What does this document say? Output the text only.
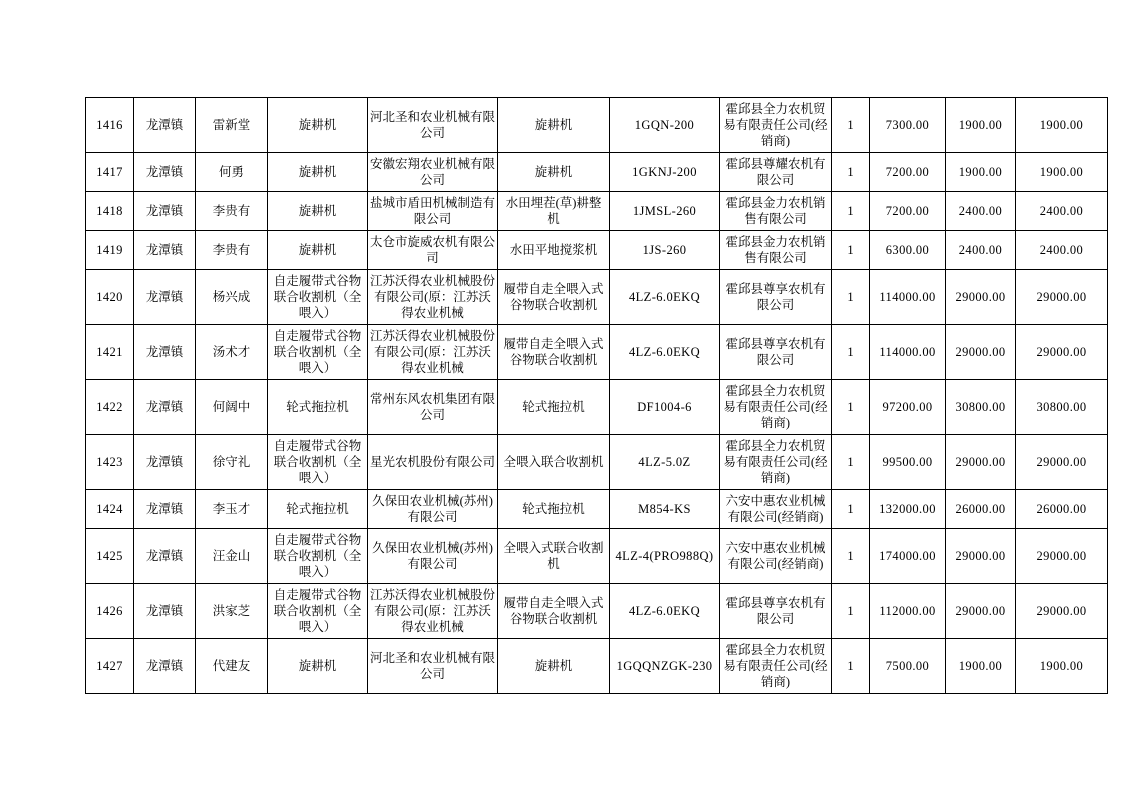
1416	龙潭镇	雷新堂	旋耕机	河北圣和农业机械有限公司	旋耕机	1GQN-200	霍邱县全力农机贸易有限责任公司(经销商)	1	7300.00	1900.00	1900.00
1417	龙潭镇	何勇	旋耕机	安徽宏翔农业机械有限公司	旋耕机	1GKNJ-200	霍邱县尊耀农机有限公司	1	7200.00	1900.00	1900.00
1418	龙潭镇	李贵有	旋耕机	盐城市盾田机械制造有限公司	水田埋茬(草)耕整机	1JMSL-260	霍邱县金力农机销售有限公司	1	7200.00	2400.00	2400.00
1419	龙潭镇	李贵有	旋耕机	太仓市旋威农机有限公司	水田平地搅浆机	1JS-260	霍邱县金力农机销售有限公司	1	6300.00	2400.00	2400.00
1420	龙潭镇	杨兴成	自走履带式谷物联合收割机（全喂入）	江苏沃得农业机械股份有限公司(原：江苏沃得农业机械	履带自走全喂入式谷物联合收割机	4LZ-6.0EKQ	霍邱县尊享农机有限公司	1	114000.00	29000.00	29000.00
1421	龙潭镇	汤术才	自走履带式谷物联合收割机（全喂入）	江苏沃得农业机械股份有限公司(原：江苏沃得农业机械	履带自走全喂入式谷物联合收割机	4LZ-6.0EKQ	霍邱县尊享农机有限公司	1	114000.00	29000.00	29000.00
1422	龙潭镇	何阔中	轮式拖拉机	常州东风农机集团有限公司	轮式拖拉机	DF1004-6	霍邱县全力农机贸易有限责任公司(经销商)	1	97200.00	30800.00	30800.00
1423	龙潭镇	徐守礼	自走履带式谷物联合收割机（全喂入）	星光农机股份有限公司	全喂入联合收割机	4LZ-5.0Z	霍邱县全力农机贸易有限责任公司(经销商)	1	99500.00	29000.00	29000.00
1424	龙潭镇	李玉才	轮式拖拉机	久保田农业机械(苏州)有限公司	轮式拖拉机	M854-KS	六安中惠农业机械有限公司(经销商)	1	132000.00	26000.00	26000.00
1425	龙潭镇	汪金山	自走履带式谷物联合收割机（全喂入）	久保田农业机械(苏州)有限公司	全喂入式联合收割机	4LZ-4(PRO988Q)	六安中惠农业机械有限公司(经销商)	1	174000.00	29000.00	29000.00
1426	龙潭镇	洪家芝	自走履带式谷物联合收割机（全喂入）	江苏沃得农业机械股份有限公司(原：江苏沃得农业机械	履带自走全喂入式谷物联合收割机	4LZ-6.0EKQ	霍邱县尊享农机有限公司	1	112000.00	29000.00	29000.00
1427	龙潭镇	代建友	旋耕机	河北圣和农业机械有限公司	旋耕机	1GQQNZGK-230	霍邱县全力农机贸易有限责任公司(经销商)	1	7500.00	1900.00	1900.00
